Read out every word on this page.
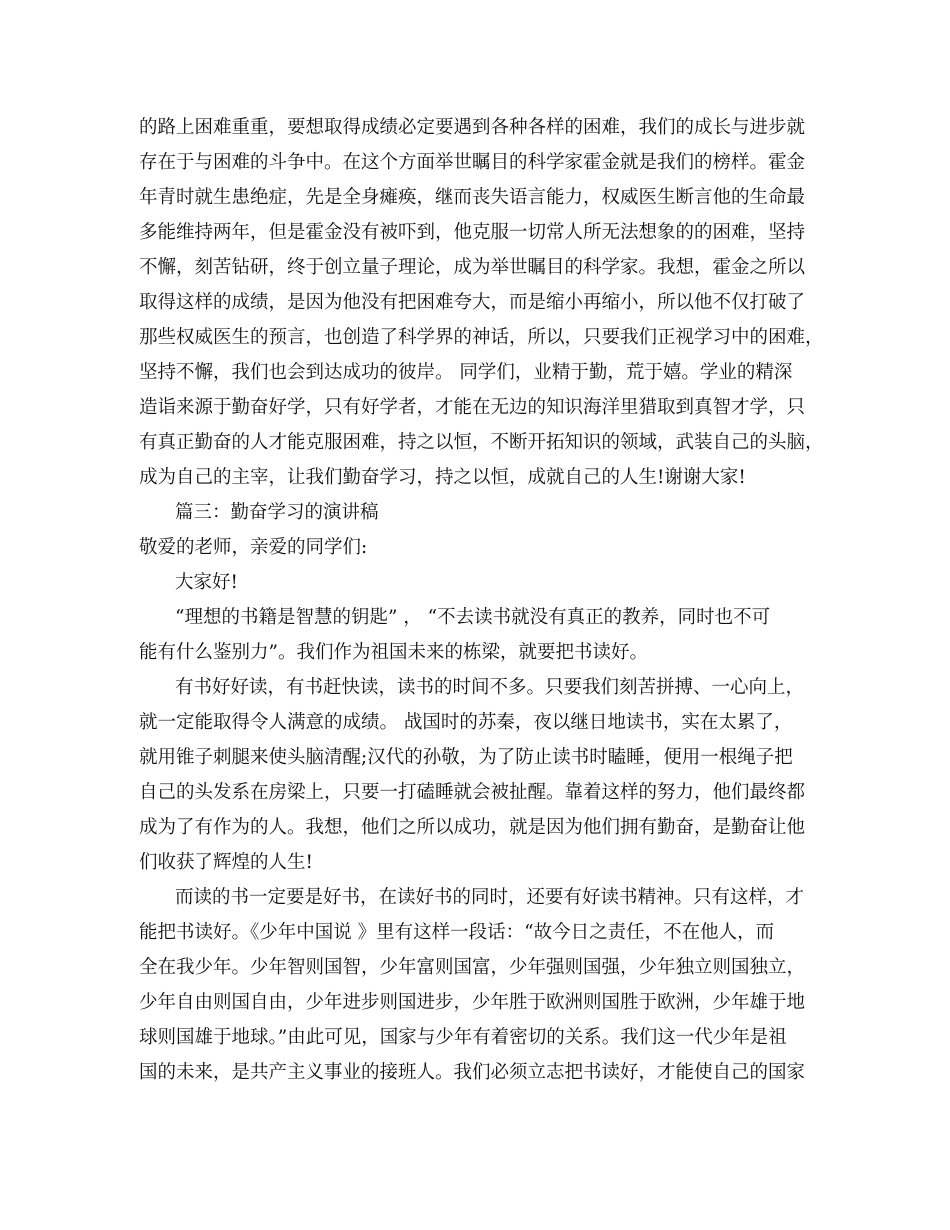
的路上困难重重，要想取得成绩必定要遇到各种各样的困难，我们的成长与进步就
存在于与困难的斗争中。在这个方面举世瞩目的科学家霍金就是我们的榜样。霍金
年青时就生患绝症，先是全身瘫痪，继而丧失语言能力，权威医生断言他的生命最
多能维持两年，但是霍金没有被吓到，他克服一切常人所无法想象的的困难，坚持
不懈，刻苦钻研，终于创立量子理论，成为举世瞩目的科学家。我想，霍金之所以
取得这样的成绩，是因为他没有把困难夸大，而是缩小再缩小，所以他不仅打破了
那些权威医生的预言，也创造了科学界的神话，所以，只要我们正视学习中的困难，
坚持不懈，我们也会到达成功的彼岸。 同学们，业精于勤，荒于嬉。学业的精深
造诣来源于勤奋好学，只有好学者，才能在无边的知识海洋里猎取到真智才学，只
有真正勤奋的人才能克服困难，持之以恒，不断开拓知识的领域，武装自己的头脑，
成为自己的主宰，让我们勤奋学习，持之以恒，成就自己的人生!谢谢大家!
篇三：勤奋学习的演讲稿
敬爱的老师，亲爱的同学们:
大家好!
“理想的书籍是智慧的钥匙” ， “不去读书就没有真正的教养，同时也不可
能有什么鉴别力”。我们作为祖国未来的栋梁，就要把书读好。
有书好好读，有书赶快读，读书的时间不多。只要我们刻苦拼搏、一心向上，
就一定能取得令人满意的成绩。 战国时的苏秦，夜以继日地读书，实在太累了，
就用锥子刺腿来使头脑清醒;汉代的孙敬，为了防止读书时瞌睡，便用一根绳子把
自己的头发系在房梁上，只要一打磕睡就会被扯醒。靠着这样的努力，他们最终都
成为了有作为的人。我想，他们之所以成功，就是因为他们拥有勤奋，是勤奋让他
们收获了辉煌的人生!
而读的书一定要是好书，在读好书的同时，还要有好读书精神。只有这样，才
能把书读好。《少年中国说 》里有这样一段话：“故今日之责任，不在他人，而
全在我少年。少年智则国智，少年富则国富，少年强则国强，少年独立则国独立，
少年自由则国自由，少年进步则国进步，少年胜于欧洲则国胜于欧洲，少年雄于地
球则国雄于地球。”由此可见，国家与少年有着密切的关系。我们这一代少年是祖
国的未来，是共产主义事业的接班人。我们必须立志把书读好，才能使自己的国家
